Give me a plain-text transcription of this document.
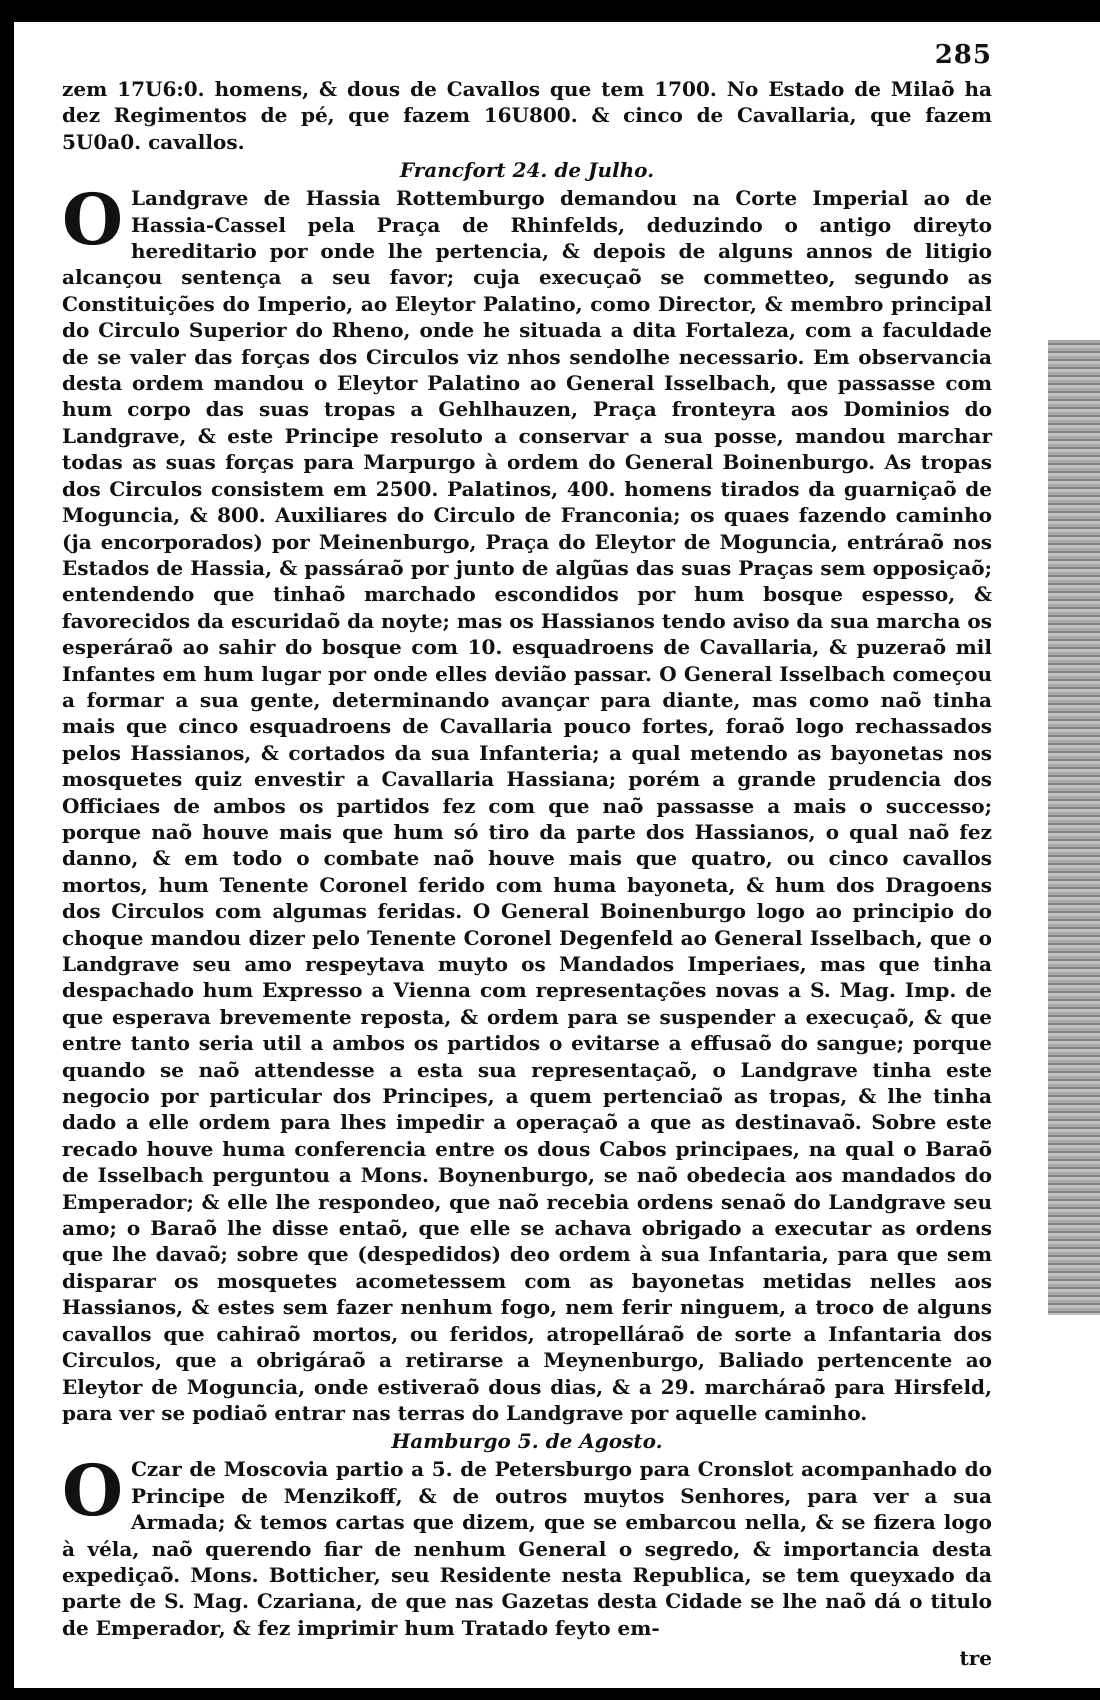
285

zem 17U6:0. homens, & dous de Cavallos que tem 1700. No Estado de Milaõ ha dez Regimentos de pé, que fazem 16U800. & cinco de Cavallaria, que fazem 5U0a0. cavallos.

Francfort 24. de Julho.

OLandgrave de Hassia Rottemburgo demandou na Corte Imperial ao de Hassia-Cassel pela Praça de Rhinfelds, deduzindo o antigo direyto hereditario por onde lhe pertencia, & depois de alguns annos de litigio alcançou sentença a seu favor; cuja execuçaõ se commetteo, segundo as Constituições do Imperio, ao Eleytor Palatino, como Director, & membro principal do Circulo Superior do Rheno, onde he situada a dita Fortaleza, com a faculdade de se valer das forças dos Circulos viz nhos sendolhe necessario. Em observancia desta ordem mandou o Eleytor Palatino ao General Isselbach, que passasse com hum corpo das suas tropas a Gehlhauzen, Praça fronteyra aos Dominios do Landgrave, & este Principe resoluto a conservar a sua posse, mandou marchar todas as suas forças para Marpurgo à ordem do General Boinenburgo. As tropas dos Circulos consistem em 2500. Palatinos, 400. homens tirados da guarniçaõ de Moguncia, & 800. Auxiliares do Circulo de Franconia; os quaes fazendo caminho (ja encorporados) por Meinenburgo, Praça do Eleytor de Moguncia, entráraõ nos Estados de Hassia, & passáraõ por junto de algũas das suas Praças sem opposiçaõ; entendendo que tinhaõ marchado escondidos por hum bosque espesso, & favorecidos da escuridaõ da noyte; mas os Hassianos tendo aviso da sua marcha os esperáraõ ao sahir do bosque com 10. esquadroens de Cavallaria, & puzeraõ mil Infantes em hum lugar por onde elles devião passar. O General Isselbach começou a formar a sua gente, determinando avançar para diante, mas como naõ tinha mais que cinco esquadroens de Cavallaria pouco fortes, foraõ logo rechassados pelos Hassianos, & cortados da sua Infanteria; a qual metendo as bayonetas nos mosquetes quiz envestir a Cavallaria Hassiana; porém a grande prudencia dos Officiaes de ambos os partidos fez com que naõ passasse a mais o successo; porque naõ houve mais que hum só tiro da parte dos Hassianos, o qual naõ fez danno, & em todo o combate naõ houve mais que quatro, ou cinco cavallos mortos, hum Tenente Coronel ferido com huma bayoneta, & hum dos Dragoens dos Circulos com algumas feridas. O General Boinenburgo logo ao principio do choque mandou dizer pelo Tenente Coronel Degenfeld ao General Isselbach, que o Landgrave seu amo respeytava muyto os Mandados Imperiaes, mas que tinha despachado hum Expresso a Vienna com representações novas a S. Mag. Imp. de que esperava brevemente reposta, & ordem para se suspender a execuçaõ, & que entre tanto seria util a ambos os partidos o evitarse a effusaõ do sangue; porque quando se naõ attendesse a esta sua representaçaõ, o Landgrave tinha este negocio por particular dos Principes, a quem pertenciaõ as tropas, & lhe tinha dado a elle ordem para lhes impedir a operaçaõ a que as destinavaõ. Sobre este recado houve huma conferencia entre os dous Cabos principaes, na qual o Baraõ de Isselbach perguntou a Mons. Boynenburgo, se naõ obedecia aos mandados do Emperador; & elle lhe respondeo, que naõ recebia ordens senaõ do Landgrave seu amo; o Baraõ lhe disse entaõ, que elle se achava obrigado a executar as ordens que lhe davaõ; sobre que (despedidos) deo ordem à sua Infantaria, para que sem disparar os mosquetes acometessem com as bayonetas metidas nelles aos Hassianos, & estes sem fazer nenhum fogo, nem ferir ninguem, a troco de alguns cavallos que cahiraõ mortos, ou feridos, atropelláraõ de sorte a Infantaria dos Circulos, que a obrigáraõ a retirarse a Meynenburgo, Baliado pertencente ao Eleytor de Moguncia, onde estiveraõ dous dias, & a 29. marcháraõ para Hirsfeld, para ver se podiaõ entrar nas terras do Landgrave por aquelle caminho.

Hamburgo 5. de Agosto.

OCzar de Moscovia partio a 5. de Petersburgo para Cronslot acompanhado do Principe de Menzikoff, & de outros muytos Senhores, para ver a sua Armada; & temos cartas que dizem, que se embarcou nella, & se fizera logo à véla, naõ querendo fiar de nenhum General o segredo, & importancia desta expediçaõ. Mons. Botticher, seu Residente nesta Republica, se tem queyxado da parte de S. Mag. Czariana, de que nas Gazetas desta Cidade se lhe naõ dá o titulo de Emperador, & fez imprimir hum Tratado feyto em-

tre
